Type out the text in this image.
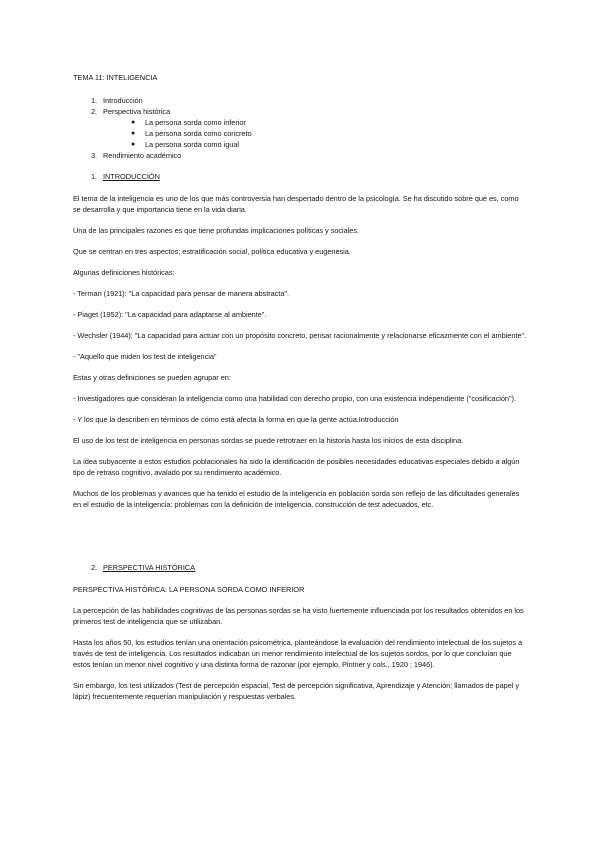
TEMA 11: INTELIGENCIA
1. Introducción
2. Perspectiva histórica
● La persona sorda como inferior
● La persona sorda como concreto
● La persona sorda como igual
3. Rendimiento académico
1. INTRODUCCIÓN

El tema de la inteligencia es uno de los que más controversia han despertado dentro de la psicología. Se ha discutido sobre qué es, como se desarrolla y que importancia tiene en la vida diaria.

Una de las principales razones es que tiene profundas implicaciones políticas y sociales.

Que se centran en tres aspectos; estratificación social, política educativa y eugenesia.

Algunas definiciones históricas:

- Terman (1921): "La capacidad para pensar de manera abstracta".

- Piaget (1952): "La capacidad para adaptarse al ambiente".

- Wechsler (1944): "La capacidad para actuar con un propósito concreto, pensar racionalmente y relacionarse eficazmente con el ambiente".

- "Aquello que miden los test de inteligencia"

Estas y otras definiciones se pueden agrupar en:

- Investigadores que consideran la inteligencia como una habilidad con derecho propio, con una existencia independiente ("cosificación").

- Y los que la describen en términos de cómo está afecta la forma en que la gente actúa.Introducción

El uso de los test de inteligencia en personas sordas se puede retrotraer en la historia hasta los inicios de esta disciplina.

La idea subyacente a estos estudios poblacionales ha sido la identificación de posibles necesidades educativas especiales debido a algún tipo de retraso cognitivo, avalado por su rendimiento académico.

Muchos de los problemas y avances que ha tenido el estudio de la inteligencia en población sorda son reflejo de las dificultades generales en el estudio de la inteligencia: problemas con la definición de inteligencia, construcción de test adecuados, etc.

2. PERSPECTIVA HISTÓRICA

PERSPECTIVA HISTÓRICA: LA PERSONA SORDA COMO INFERIOR

La percepción de las habilidades cognitivas de las personas sordas se ha visto fuertemente influenciada por los resultados obtenidos en los primeros test de inteligencia que se utilizaban.

Hasta los años 50, los estudios tenían una orientación psicométrica, planteándose la evaluación del rendimiento intelectual de los sujetos a través de test de inteligencia. Los resultados indicaban un menor rendimiento intelectual de los sujetos sordos, por lo que concluían que estos tenían un menor nivel cognitivo y una distinta forma de razonar (por ejemplo, Pintner y cols., 1920 ; 1946).

Sin embargo, los test utilizados (Test de percepción espacial, Test de percepción significativa, Aprendizaje y Atención; llamados de papel y lápiz) frecuentemente requerían manipulación y respuestas verbales.
